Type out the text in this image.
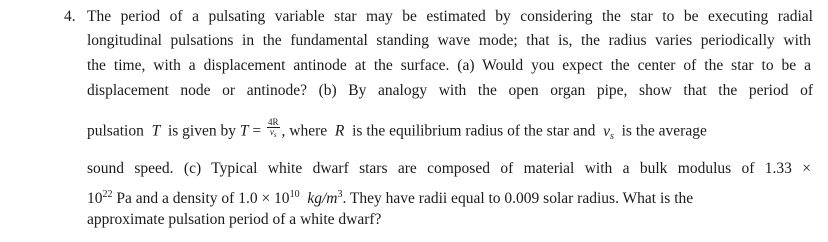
4. The period of a pulsating variable star may be estimated by considering the star to be executing radial
longitudinal pulsations in the fundamental standing wave mode; that is, the radius varies periodically with
the time, with a displacement antinode at the surface. (a) Would you expect the center of the star to be a
displacement node or antinode? (b) By analogy with the open organ pipe, show that the period of
pulsation T is given by $T = \frac{4R}{v_s}$ , where R is the equilibrium radius of the star and $v_s$ is the average
sound speed. (c) Typical white dwarf stars are composed of material with a bulk modulus of 1.33 ×
$10^{22}$ Pa and a density of $1.0 \times 10^{10}$ $kg/m^3$. They have radii equal to 0.009 solar radius. What is the
approximate pulsation period of a white dwarf?
